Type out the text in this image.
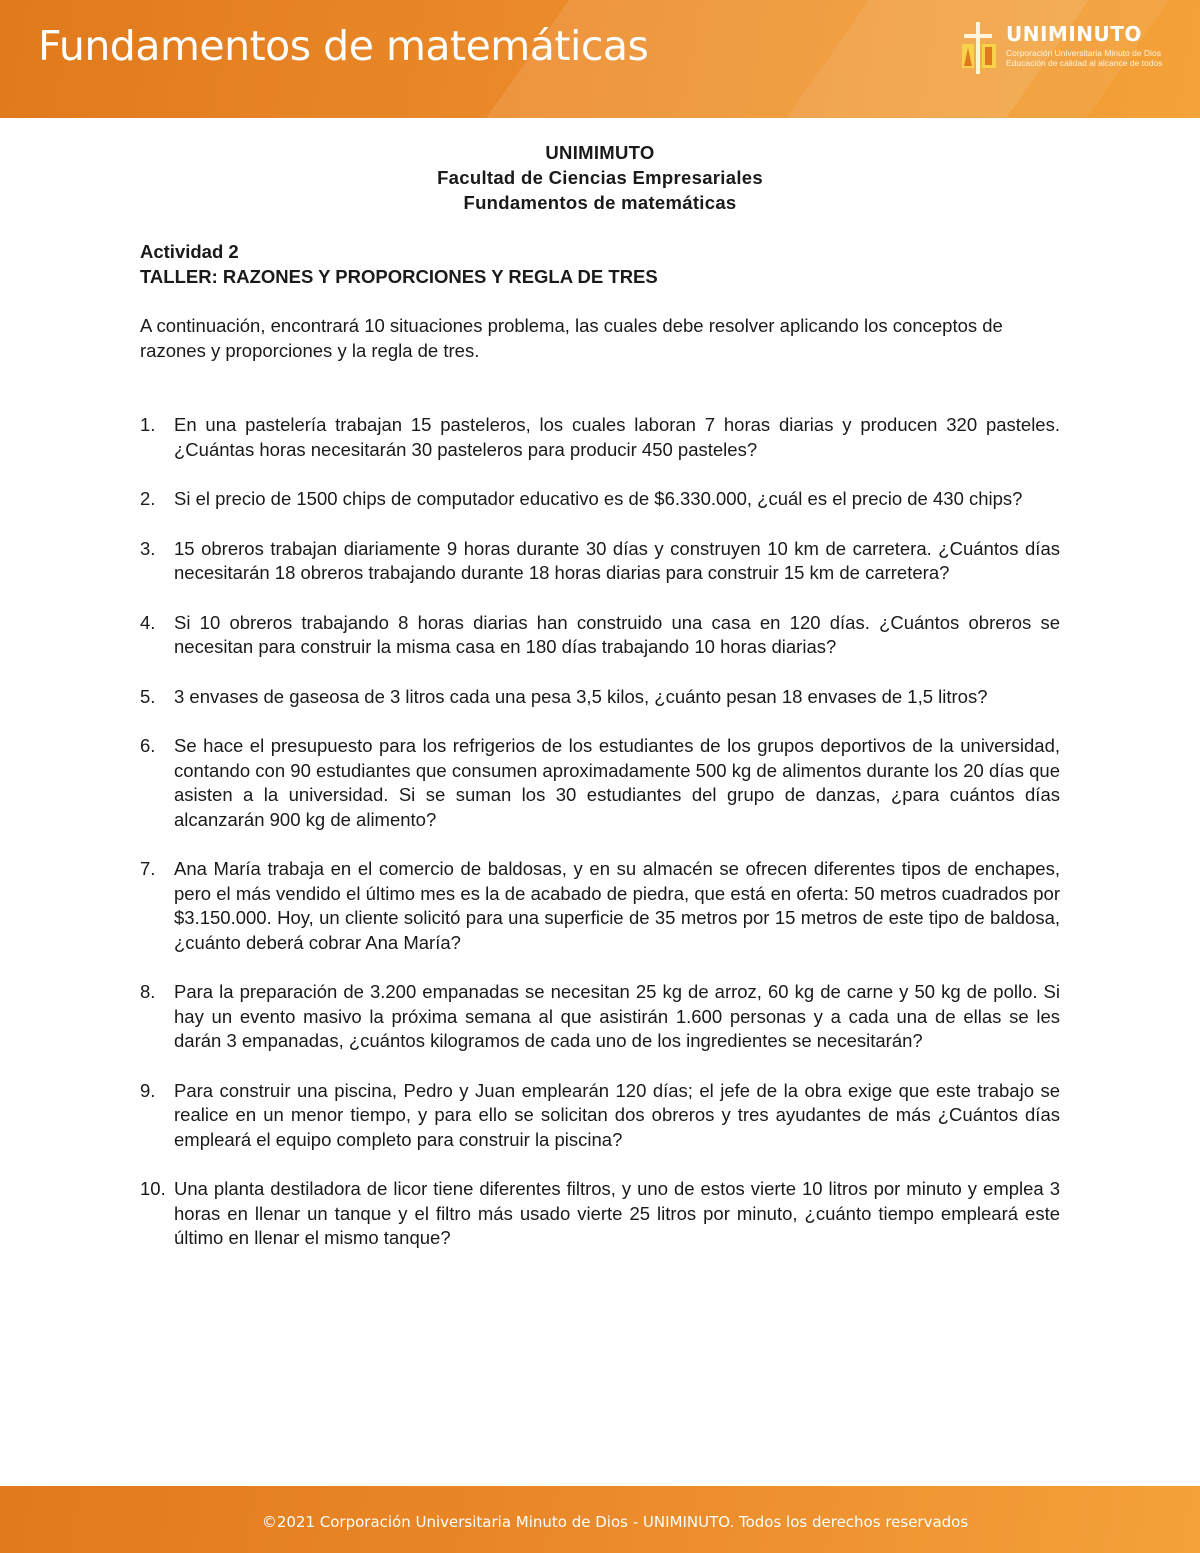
Fundamentos de matemáticas	UNIMINUTO
Corporación Universitaria Minuto de Dios
Educación de calidad al alcance de todos
UNIMIMUTO
Facultad de Ciencias Empresariales
Fundamentos de matemáticas
Actividad 2
TALLER: RAZONES Y PROPORCIONES Y REGLA DE TRES
A continuación, encontrará 10 situaciones problema, las cuales debe resolver aplicando los conceptos de razones y proporciones y la regla de tres.
1. En una pastelería trabajan 15 pasteleros, los cuales laboran 7 horas diarias y producen 320 pasteles. ¿Cuántas horas necesitarán 30 pasteleros para producir 450 pasteles?
2. Si el precio de 1500 chips de computador educativo es de $6.330.000, ¿cuál es el precio de 430 chips?
3. 15 obreros trabajan diariamente 9 horas durante 30 días y construyen 10 km de carretera. ¿Cuántos días necesitarán 18 obreros trabajando durante 18 horas diarias para construir 15 km de carretera?
4. Si 10 obreros trabajando 8 horas diarias han construido una casa en 120 días. ¿Cuántos obreros se necesitan para construir la misma casa en 180 días trabajando 10 horas diarias?
5. 3 envases de gaseosa de 3 litros cada una pesa 3,5 kilos, ¿cuánto pesan 18 envases de 1,5 litros?
6. Se hace el presupuesto para los refrigerios de los estudiantes de los grupos deportivos de la universidad, contando con 90 estudiantes que consumen aproximadamente 500 kg de alimentos durante los 20 días que asisten a la universidad. Si se suman los 30 estudiantes del grupo de danzas, ¿para cuántos días alcanzarán 900 kg de alimento?
7. Ana María trabaja en el comercio de baldosas, y en su almacén se ofrecen diferentes tipos de enchapes, pero el más vendido el último mes es la de acabado de piedra, que está en oferta: 50 metros cuadrados por $3.150.000. Hoy, un cliente solicitó para una superficie de 35 metros por 15 metros de este tipo de baldosa, ¿cuánto deberá cobrar Ana María?
8. Para la preparación de 3.200 empanadas se necesitan 25 kg de arroz, 60 kg de carne y 50 kg de pollo. Si hay un evento masivo la próxima semana al que asistirán 1.600 personas y a cada una de ellas se les darán 3 empanadas, ¿cuántos kilogramos de cada uno de los ingredientes se necesitarán?
9. Para construir una piscina, Pedro y Juan emplearán 120 días; el jefe de la obra exige que este trabajo se realice en un menor tiempo, y para ello se solicitan dos obreros y tres ayudantes de más ¿Cuántos días empleará el equipo completo para construir la piscina?
10. Una planta destiladora de licor tiene diferentes filtros, y uno de estos vierte 10 litros por minuto y emplea 3 horas en llenar un tanque y el filtro más usado vierte 25 litros por minuto, ¿cuánto tiempo empleará este último en llenar el mismo tanque?
©2021 Corporación Universitaria Minuto de Dios - UNIMINUTO. Todos los derechos reservados
